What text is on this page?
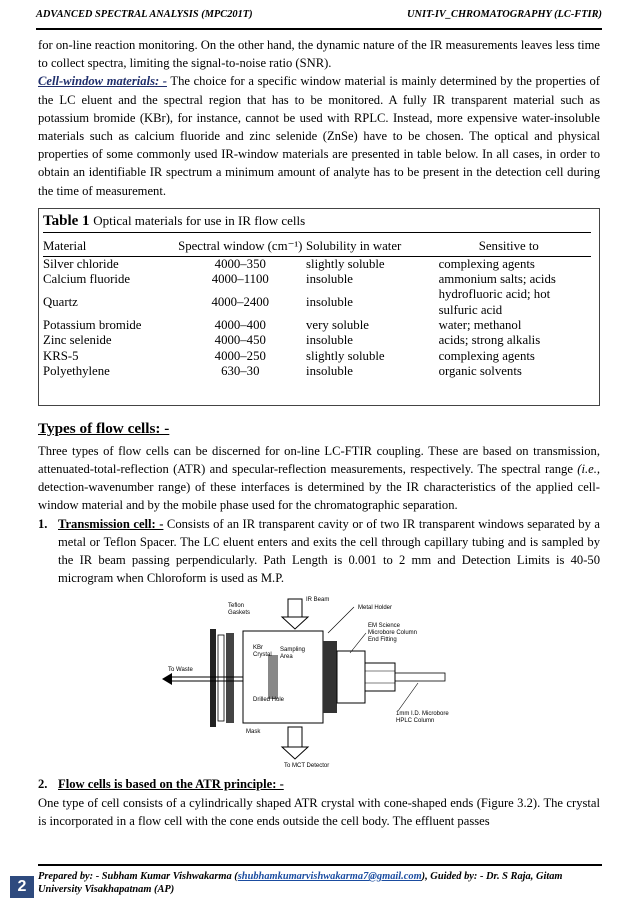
ADVANCED SPECTRAL ANALYSIS (MPC201T)	UNIT-IV_CHROMATOGRAPHY (LC-FTIR)

for on-line reaction monitoring. On the other hand, the dynamic nature of the IR measurements leaves less time to collect spectra, limiting the signal-to-noise ratio (SNR).

Cell-window materials: - The choice for a specific window material is mainly determined by the properties of the LC eluent and the spectral region that has to be monitored. A fully IR transparent material such as potassium bromide (KBr), for instance, cannot be used with RPLC. Instead, more expensive water-insoluble materials such as calcium fluoride and zinc selenide (ZnSe) have to be chosen. The optical and physical properties of some commonly used IR-window materials are presented in table below. In all cases, in order to obtain an identifiable IR spectrum a minimum amount of analyte has to be present in the detection cell during the time of measurement.

Table 1 Optical materials for use in IR flow cells
Material	Spectral window (cm⁻¹)	Solubility in water	Sensitive to
Silver chloride	4000–350	slightly soluble	complexing agents
Calcium fluoride	4000–1100	insoluble	ammonium salts; acids
Quartz	4000–2400	insoluble	hydrofluoric acid; hot sulfuric acid
Potassium bromide	4000–400	very soluble	water; methanol
Zinc selenide	4000–450	insoluble	acids; strong alkalis
KRS-5	4000–250	slightly soluble	complexing agents
Polyethylene	630–30	insoluble	organic solvents
Types of flow cells: -

Three types of flow cells can be discerned for on-line LC-FTIR coupling. These are based on transmission, attenuated-total-reflection (ATR) and specular-reflection measurements, respectively. The spectral range (i.e., detection-wavenumber range) of these interfaces is determined by the IR characteristics of the applied cell-window material and by the mobile phase used for the chromatographic separation.

1. Transmission cell: - Consists of an IR transparent cavity or of two IR transparent windows separated by a metal or Teflon Spacer. The LC eluent enters and exits the cell through capillary tubing and is sampled by the IR beam passing perpendicularly. Path Length is 0.001 to 2 mm and Detection Limits is 40-50 microgram when Chloroform is used as M.P.

IR Beam
To Waste
Teflon
Gaskets
KBr
Crystal
Sampling
Area
Drilled Hole
Metal Holder
EM Science
Microbore Column
End Fitting
1mm I.D. Microbore
HPLC Column
Mask
To MCT Detector
2. Flow cells is based on the ATR principle: -

One type of cell consists of a cylindrically shaped ATR crystal with cone-shaped ends (Figure 3.2). The crystal is incorporated in a flow cell with the cone ends outside the cell body. The effluent passes

2
Prepared by: - Subham Kumar Vishwakarma (shubhamkumarvishwakarma7@gmail.com), Guided by: - Dr. S Raja, Gitam University Visakhapatnam (AP)
